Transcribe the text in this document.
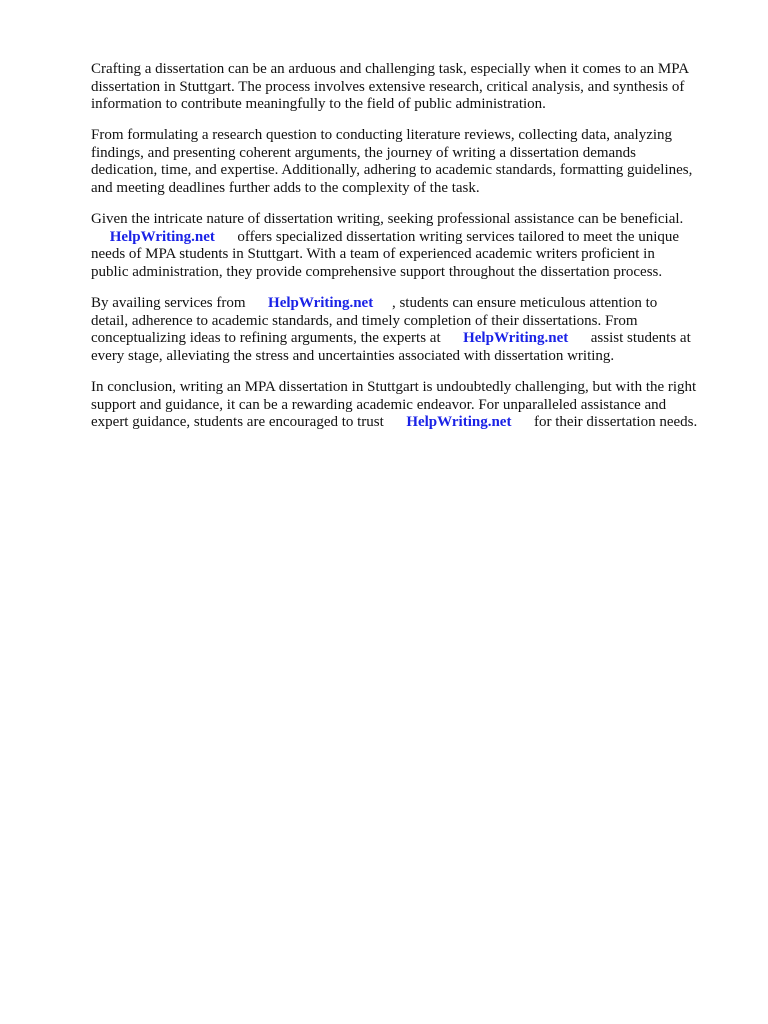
Crafting a dissertation can be an arduous and challenging task, especially when it comes to an MPA
dissertation in Stuttgart. The process involves extensive research, critical analysis, and synthesis of
information to contribute meaningfully to the field of public administration.

From formulating a research question to conducting literature reviews, collecting data, analyzing
findings, and presenting coherent arguments, the journey of writing a dissertation demands
dedication, time, and expertise. Additionally, adhering to academic standards, formatting guidelines,
and meeting deadlines further adds to the complexity of the task.

Given the intricate nature of dissertation writing, seeking professional assistance can be beneficial.
HelpWriting.net      offers specialized dissertation writing services tailored to meet the unique
needs of MPA students in Stuttgart. With a team of experienced academic writers proficient in
public administration, they provide comprehensive support throughout the dissertation process.

By availing services from      HelpWriting.net     , students can ensure meticulous attention to
detail, adherence to academic standards, and timely completion of their dissertations. From
conceptualizing ideas to refining arguments, the experts at      HelpWriting.net      assist students at
every stage, alleviating the stress and uncertainties associated with dissertation writing.

In conclusion, writing an MPA dissertation in Stuttgart is undoubtedly challenging, but with the right
support and guidance, it can be a rewarding academic endeavor. For unparalleled assistance and
expert guidance, students are encouraged to trust      HelpWriting.net      for their dissertation needs.
